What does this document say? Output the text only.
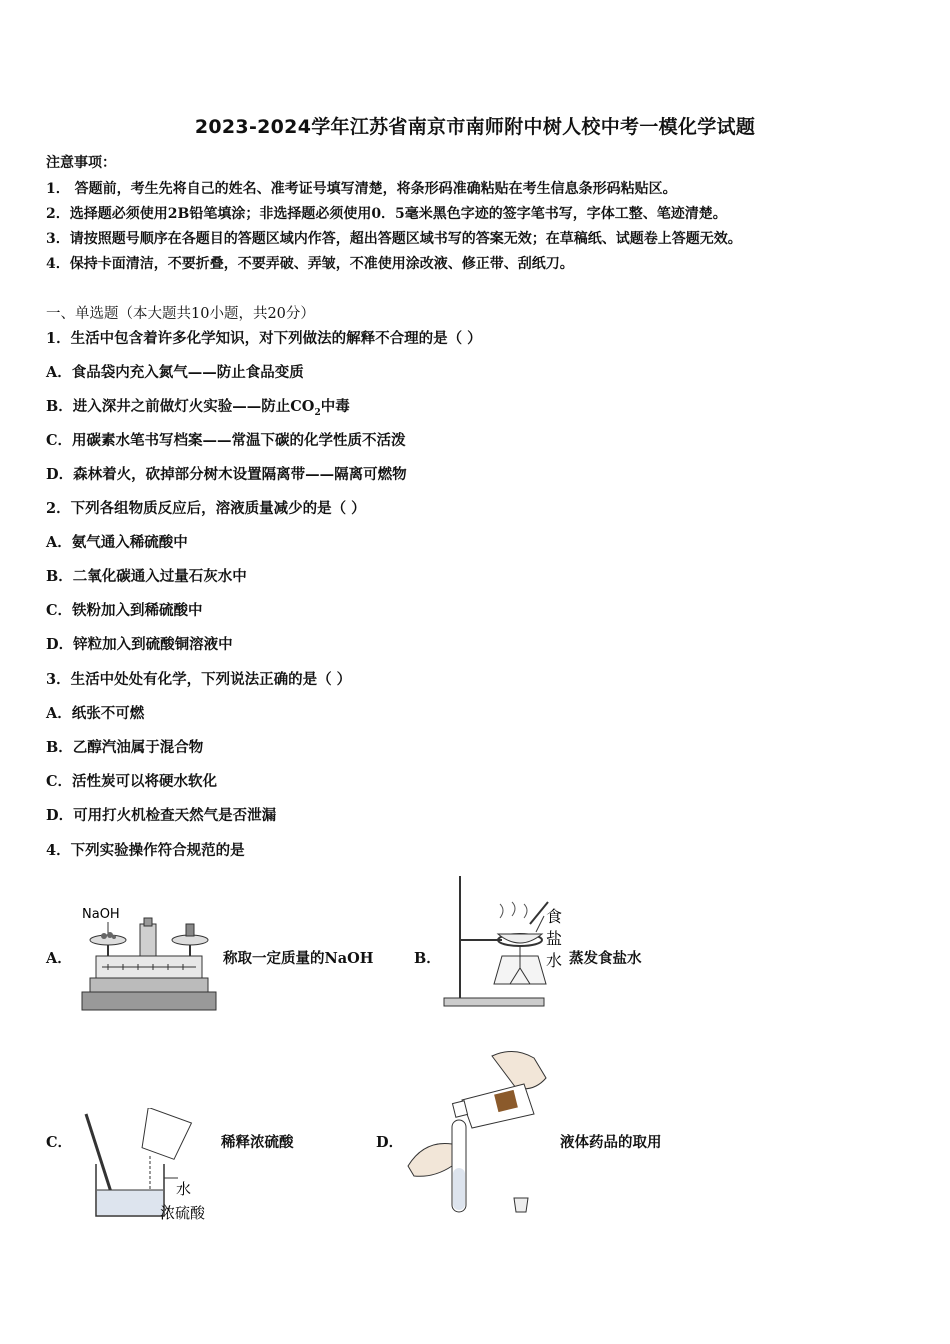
2023-2024学年江苏省南京市南师附中树人校中考一模化学试题
注意事项：
1． 答题前，考生先将自己的姓名、准考证号填写清楚，将条形码准确粘贴在考生信息条形码粘贴区。
2．选择题必须使用2B铅笔填涂；非选择题必须使用0．5毫米黑色字迹的签字笔书写，字体工整、笔迹清楚。
3．请按照题号顺序在各题目的答题区域内作答，超出答题区域书写的答案无效；在草稿纸、试题卷上答题无效。
4．保持卡面清洁，不要折叠，不要弄破、弄皱，不准使用涂改液、修正带、刮纸刀。
一、单选题（本大题共10小题，共20分）
1．生活中包含着许多化学知识，对下列做法的解释不合理的是（ ）
A．食品袋内充入氮气——防止食品变质
B．进入深井之前做灯火实验——防止$CO_2$中毒
C．用碳素水笔书写档案——常温下碳的化学性质不活泼
D．森林着火，砍掉部分树木设置隔离带——隔离可燃物
2．下列各组物质反应后，溶液质量减少的是（ ）
A．氨气通入稀硫酸中
B．二氧化碳通入过量石灰水中
C．铁粉加入到稀硫酸中
D．锌粒加入到硫酸铜溶液中
3．生活中处处有化学，下列说法正确的是（ ）
A．纸张不可燃
B．乙醇汽油属于混合物
C．活性炭可以将硬水软化
D．可用打火机检查天然气是否泄漏
4．下列实验操作符合规范的是
A．
NaOH
称取一定质量的NaOH	B．
食
盐
水 蒸发食盐水
C．
水
浓硫酸
稀释浓硫酸	D．	液体药品的取用
